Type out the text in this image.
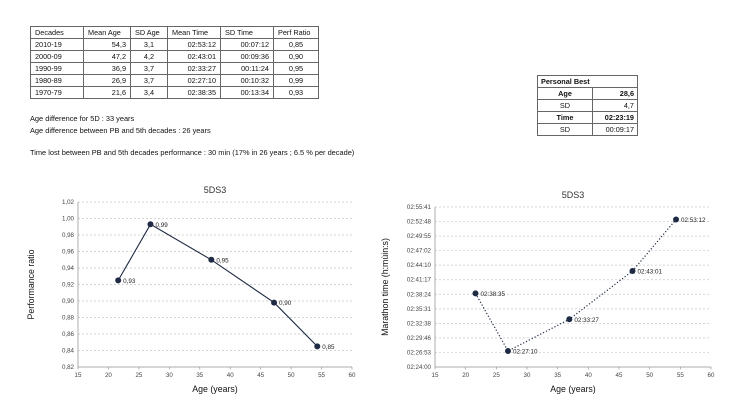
Decades	Mean Age	SD Age	Mean Time	SD Time	Perf Ratio
2010-19	54,3	3,1	02:53:12	00:07:12	0,85
2000-09	47,2	4,2	02:43:01	00:09:36	0,90
1990-99	36,9	3,7	02:33:27	00:11:24	0,95
1980-89	26,9	3,7	02:27:10	00:10:32	0,99
1970-79	21,6	3,4	02:38:35	00:13:34	0,93
Personal Best	
Age	28,6
SD	4,7
Time	02:23:19
SD	00:09:17
Age difference for 5D : 33 years
Age difference between PB and 5th decades : 26 years
Time lost between PB and 5th decades performance : 30 min (17% in 26 years ; 6.5 % per decade)
5DS3
0,82
0,84
0,86
0,88
0,90
0,92
0,94
0,96
0,98
1,00
1,02
15	20	25	30	35	40	45	50	55	60
Age (years)
Performance ratio	0,93
0,99
0,95
0,90
0,85
5DS3
02:24:00
02:26:53
02:29:46
02:32:38
02:35:31
02:38:24
02:41:17
02:44:10
02:47:02
02:49:55
02:52:48
02:55:41
15	20	25	30	35	40	45	50	55	60
Age (years)
Marathon time (h:mùin:s)	02:38:35
02:27:10
02:33:27
02:43:01
02:53:12
